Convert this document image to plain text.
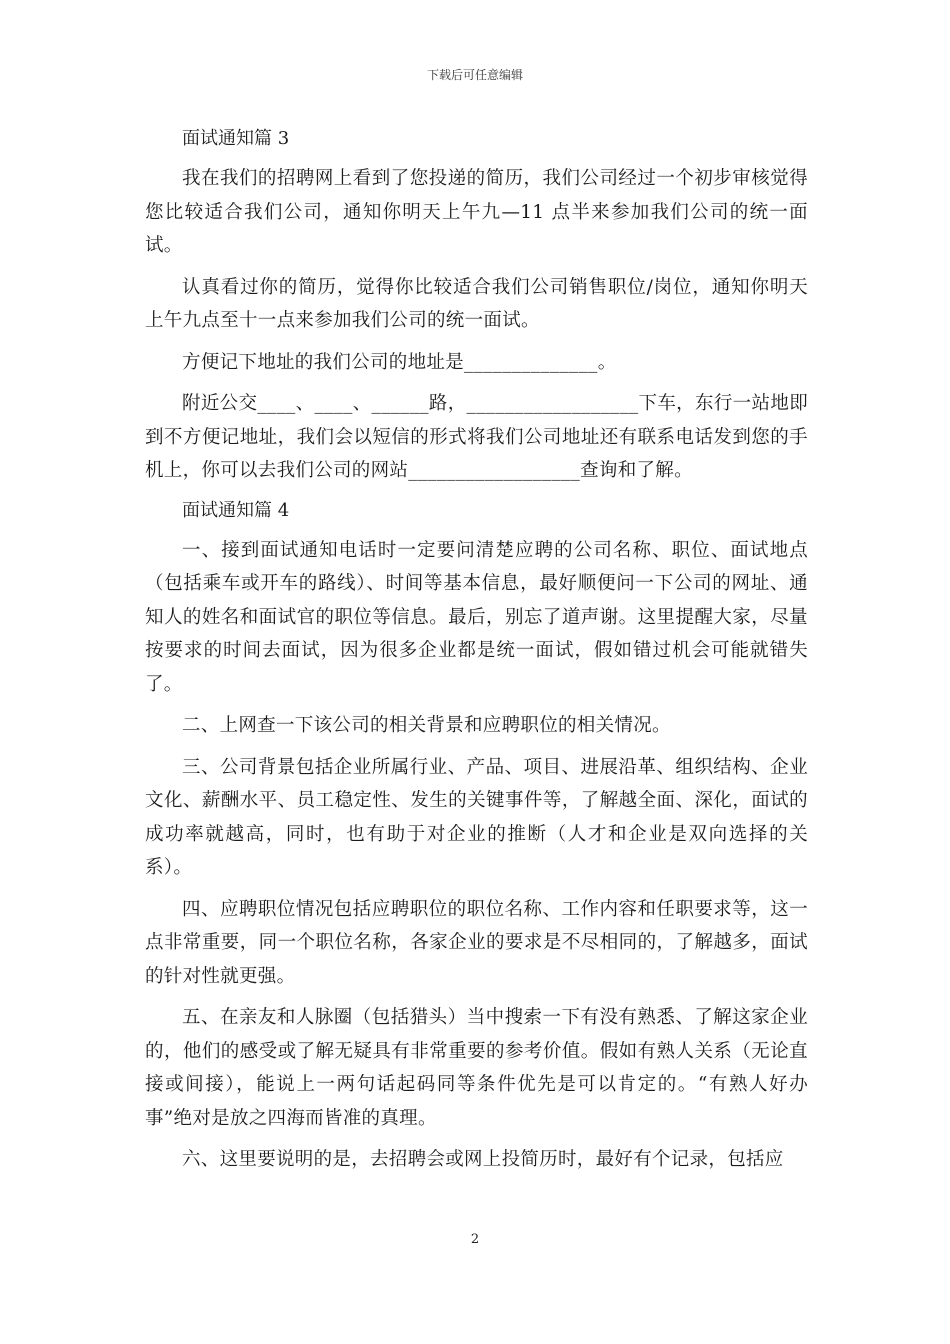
下载后可任意编辑

面试通知篇 3

我在我们的招聘网上看到了您投递的简历，我们公司经过一个初步审核觉得您比较适合我们公司，通知你明天上午九—11 点半来参加我们公司的统一面试。

认真看过你的简历，觉得你比较适合我们公司销售职位/岗位，通知你明天上午九点至十一点来参加我们公司的统一面试。

方便记下地址的我们公司的地址是______________。

附近公交____、____、______路，__________________下车，东行一站地即到不方便记地址，我们会以短信的形式将我们公司地址还有联系电话发到您的手机上，你可以去我们公司的网站__________________查询和了解。

面试通知篇 4

一、接到面试通知电话时一定要问清楚应聘的公司名称、职位、面试地点（包括乘车或开车的路线）、时间等基本信息，最好顺便问一下公司的网址、通知人的姓名和面试官的职位等信息。最后，别忘了道声谢。这里提醒大家，尽量按要求的时间去面试，因为很多企业都是统一面试，假如错过机会可能就错失了。

二、上网查一下该公司的相关背景和应聘职位的相关情况。

三、公司背景包括企业所属行业、产品、项目、进展沿革、组织结构、企业文化、薪酬水平、员工稳定性、发生的关键事件等，了解越全面、深化，面试的成功率就越高，同时，也有助于对企业的推断（人才和企业是双向选择的关系）。

四、应聘职位情况包括应聘职位的职位名称、工作内容和任职要求等，这一点非常重要，同一个职位名称，各家企业的要求是不尽相同的，了解越多，面试的针对性就更强。

五、在亲友和人脉圈（包括猎头）当中搜索一下有没有熟悉、了解这家企业的，他们的感受或了解无疑具有非常重要的参考价值。假如有熟人关系（无论直接或间接），能说上一两句话起码同等条件优先是可以肯定的。“有熟人好办事”绝对是放之四海而皆准的真理。

六、这里要说明的是，去招聘会或网上投简历时，最好有个记录，包括应

2
